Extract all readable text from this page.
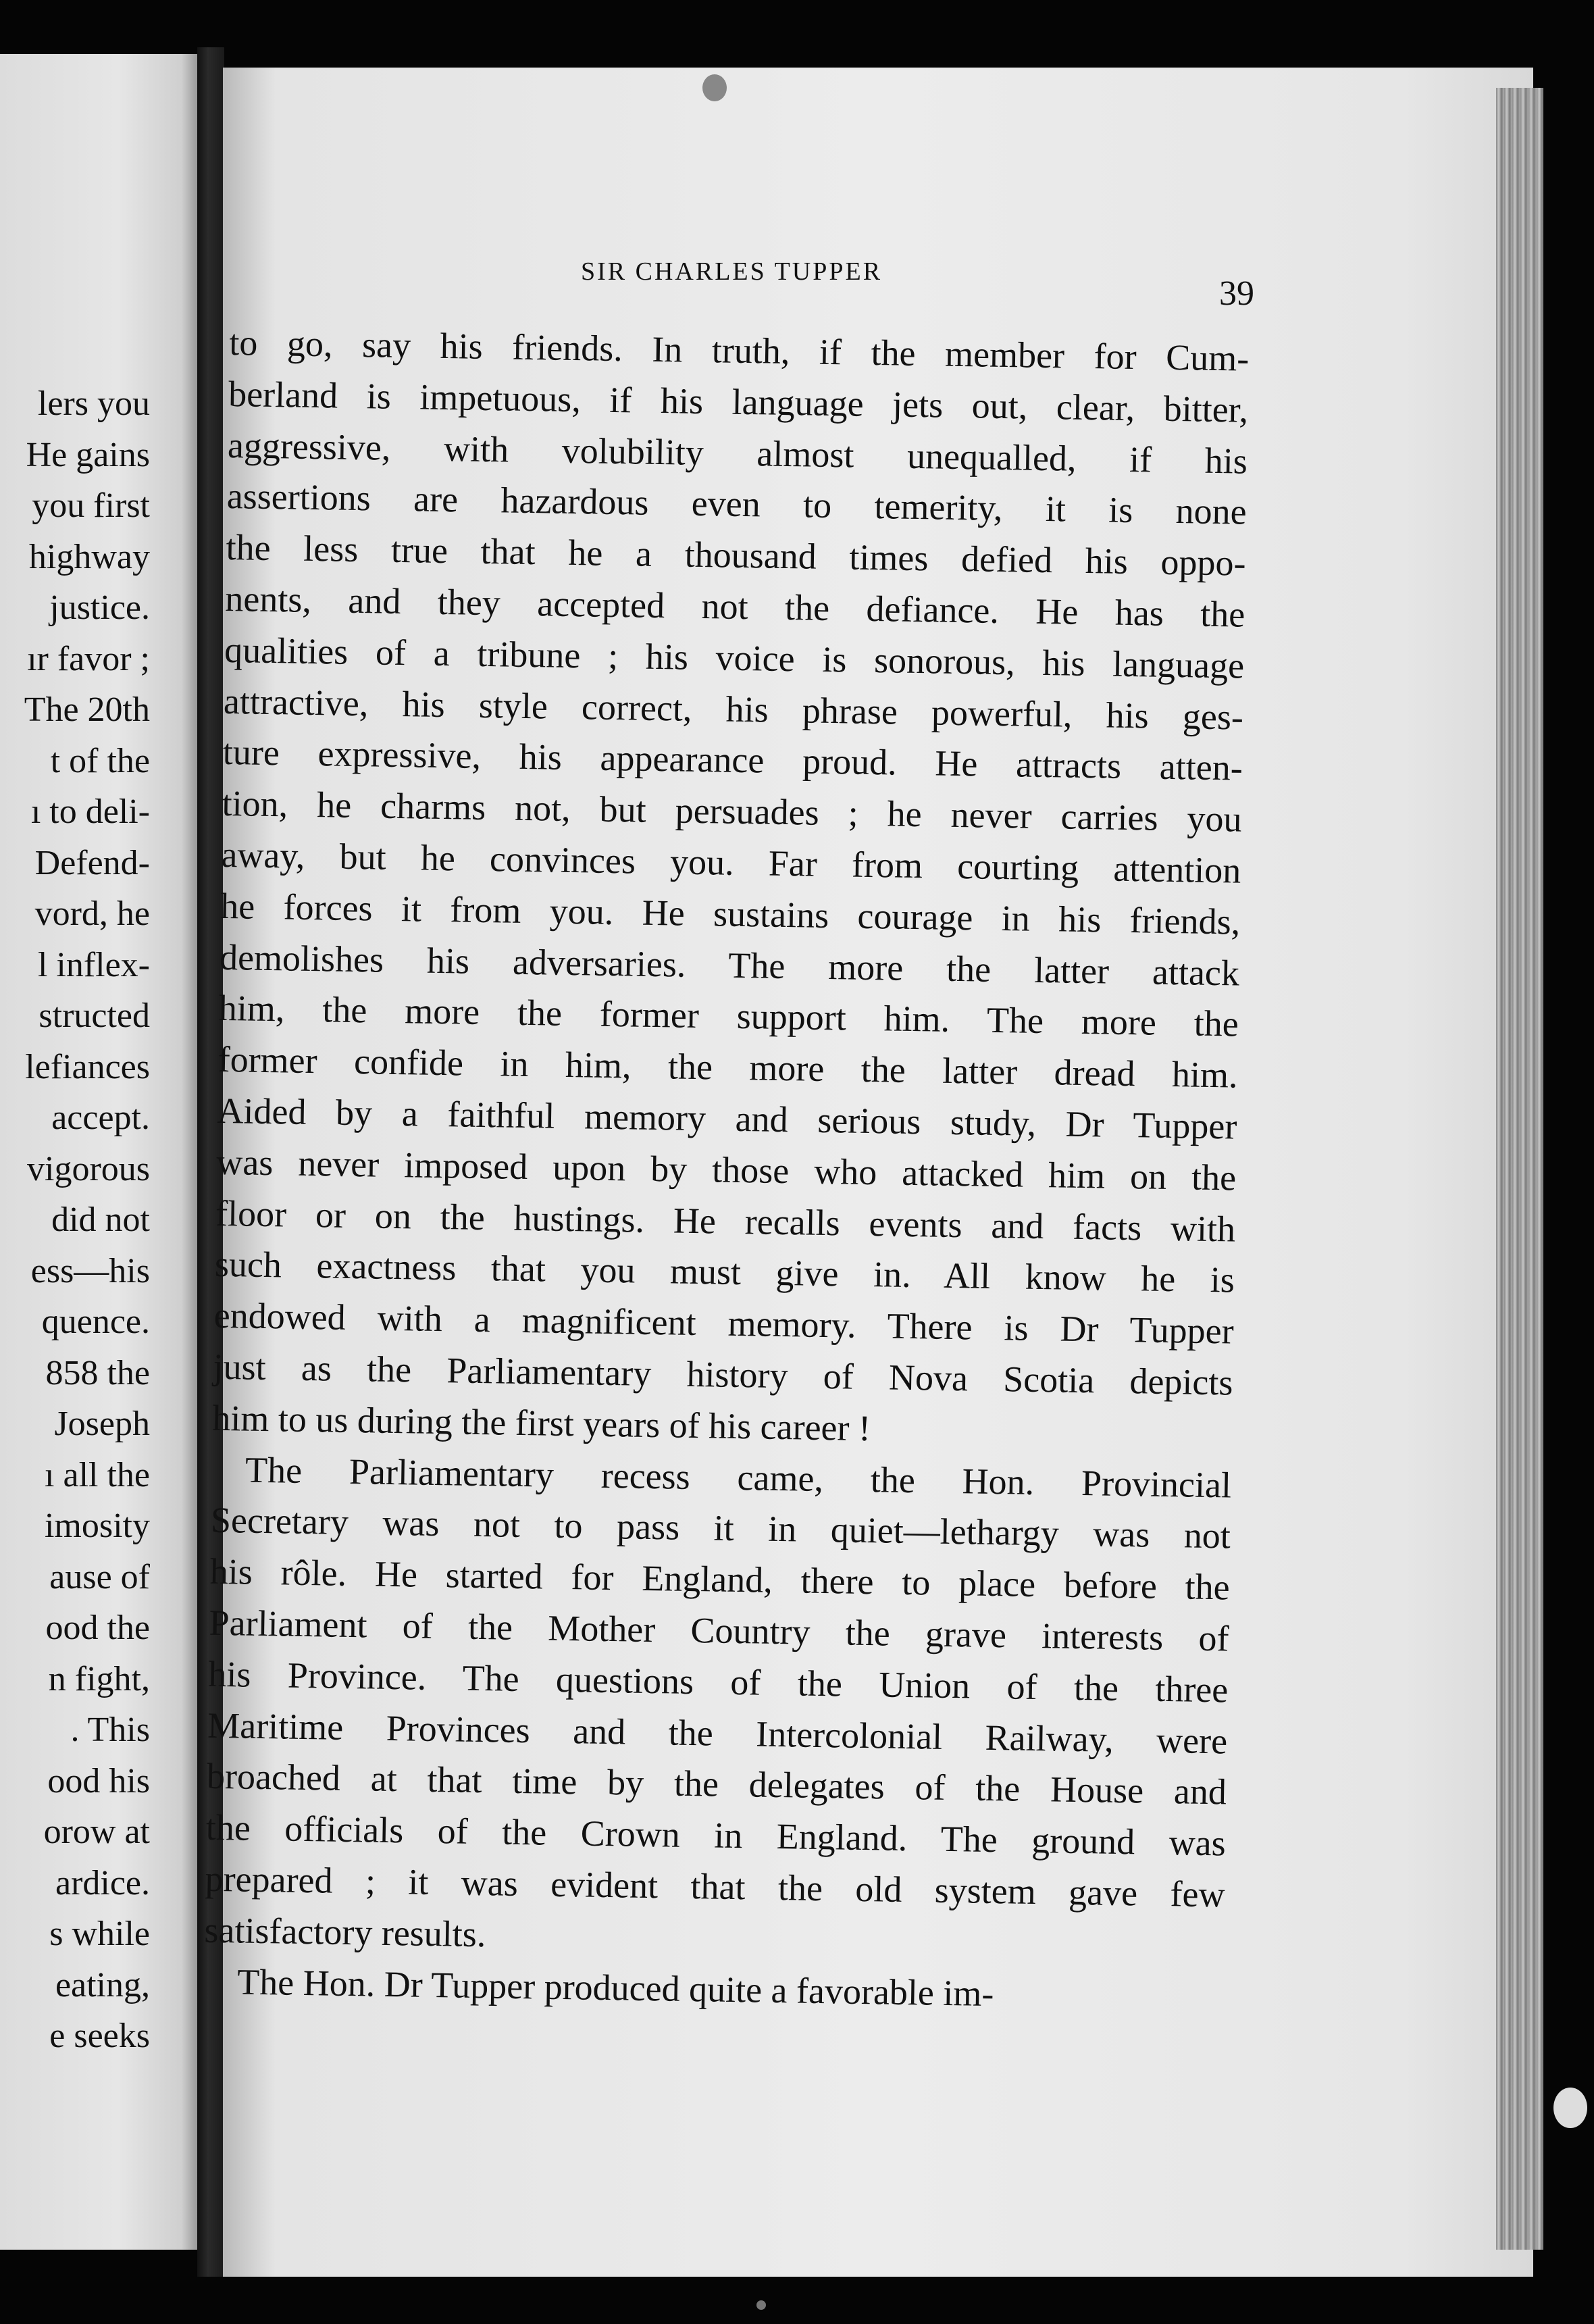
lers you
He gains
you first
highway
justice.
ır favor ;
The 20th
t of the
ı to deli-
Defend-
vord, he
l inflex-
structed
lefiances
accept.
vigorous
did not
ess—his
quence.
858 the
Joseph
ı all the
imosity
ause of
ood the
n fight,
. This
ood his
orow at
ardice.
s while
eating,
e seeks
SIR CHARLES TUPPER
39
to go, say his friends. In truth, if the member for Cum-
berland is impetuous, if his language jets out, clear, bitter,
aggressive, with volubility almost unequalled, if his
assertions are hazardous even to temerity, it is none
the less true that he a thousand times defied his oppo-
nents, and they accepted not the defiance. He has the
qualities of a tribune ; his voice is sonorous, his language
attractive, his style correct, his phrase powerful, his ges-
ture expressive, his appearance proud. He attracts atten-
tion, he charms not, but persuades ; he never carries you
away, but he convinces you. Far from courting attention
he forces it from you. He sustains courage in his friends,
demolishes his adversaries. The more the latter attack
him, the more the former support him. The more the
former confide in him, the more the latter dread him.
Aided by a faithful memory and serious study, Dr Tupper
was never imposed upon by those who attacked him on the
floor or on the hustings. He recalls events and facts with
such exactness that you must give in. All know he is
endowed with a magnificent memory. There is Dr Tupper
just as the Parliamentary history of Nova Scotia depicts
him to us during the first years of his career !
The Parliamentary recess came, the Hon. Provincial
Secretary was not to pass it in quiet—lethargy was not
his rôle. He started for England, there to place before the
Parliament of the Mother Country the grave interests of
his Province. The questions of the Union of the three
Maritime Provinces and the Intercolonial Railway, were
broached at that time by the delegates of the House and
the officials of the Crown in England. The ground was
prepared ; it was evident that the old system gave few
satisfactory results.
The Hon. Dr Tupper produced quite a favorable im-
